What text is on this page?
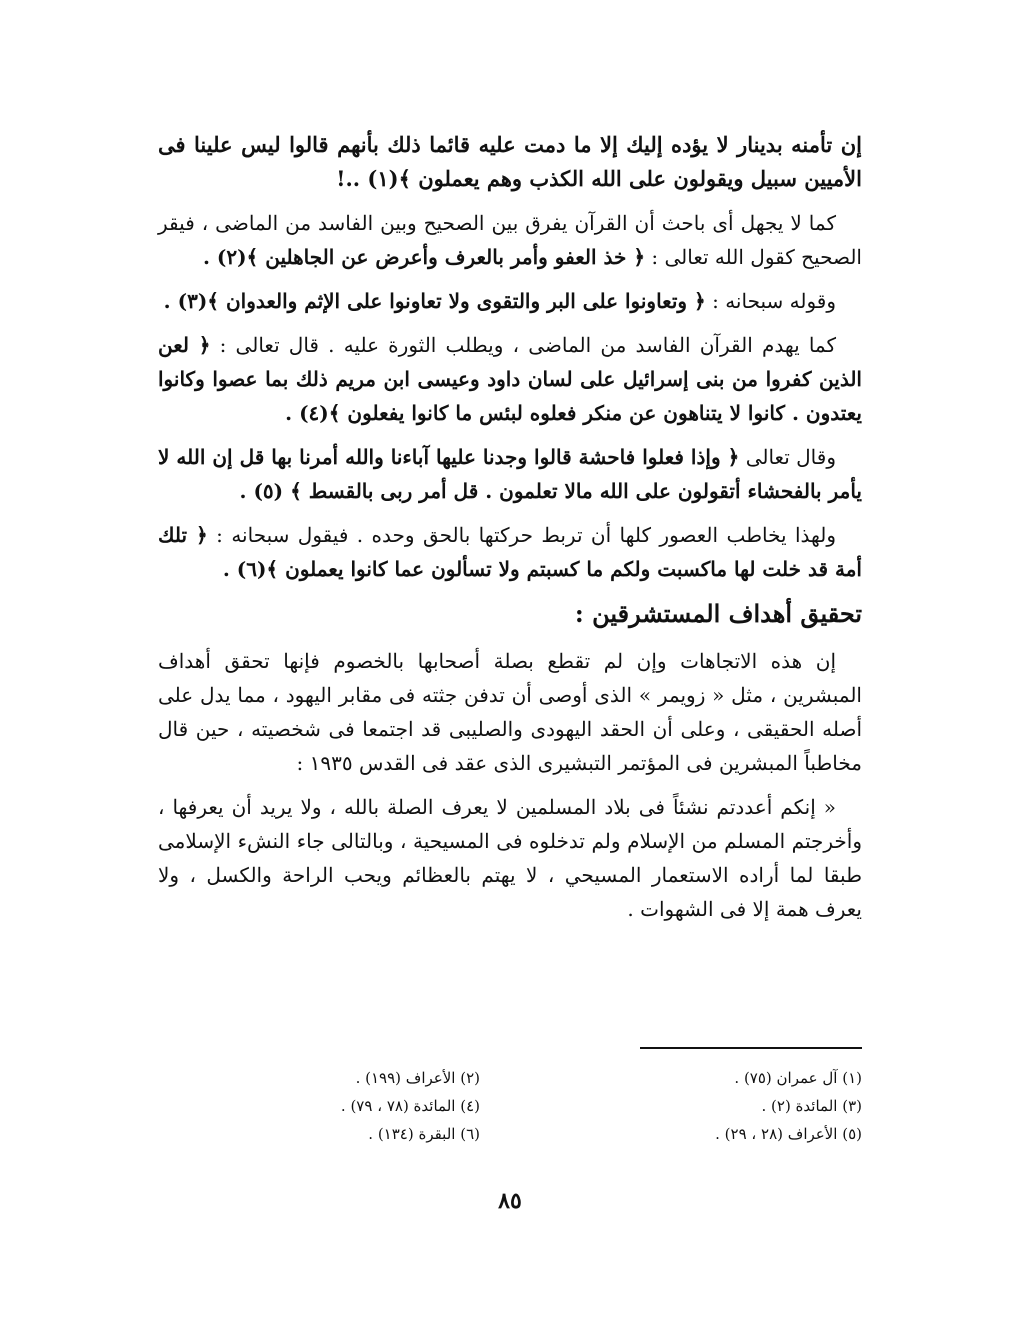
إن تأمنه بدينار لا يؤده إليك إلا ما دمت عليه قائما ذلك بأنهم قالوا ليس علينا فى الأميين سبيل ويقولون على الله الكذب وهم يعملون ﴾(١) ..!

كما لا يجهل أى باحث أن القرآن يفرق بين الصحيح وبين الفاسد من الماضى ، فيقر الصحيح كقول الله تعالى : ﴿ خذ العفو وأمر بالعرف وأعرض عن الجاهلين ﴾(٢) .

وقوله سبحانه : ﴿ وتعاونوا على البر والتقوى ولا تعاونوا على الإثم والعدوان ﴾(٣) .

كما يهدم القرآن الفاسد من الماضى ، ويطلب الثورة عليه . قال تعالى : ﴿ لعن الذين كفروا من بنى إسرائيل على لسان داود وعيسى ابن مريم ذلك بما عصوا وكانوا يعتدون . كانوا لا يتناهون عن منكر فعلوه لبئس ما كانوا يفعلون ﴾(٤) .

وقال تعالى ﴿ وإذا فعلوا فاحشة قالوا وجدنا عليها آباءنا والله أمرنا بها قل إن الله لا يأمر بالفحشاء أتقولون على الله مالا تعلمون . قل أمر ربى بالقسط ﴾ (٥) .

ولهذا يخاطب العصور كلها أن تربط حركتها بالحق وحده . فيقول سبحانه : ﴿ تلك أمة قد خلت لها ماكسبت ولكم ما كسبتم ولا تسألون عما كانوا يعملون ﴾(٦) .

تحقيق أهداف المستشرقين :

إن هذه الاتجاهات وإن لم تقطع بصلة أصحابها بالخصوم فإنها تحقق أهداف المبشرين ، مثل « زويمر » الذى أوصى أن تدفن جثته فى مقابر اليهود ، مما يدل على أصله الحقيقى ، وعلى أن الحقد اليهودى والصليبى قد اجتمعا فى شخصيته ، حين قال مخاطباً المبشرين فى المؤتمر التبشيرى الذى عقد فى القدس ١٩٣٥ :

« إنكم أعددتم نشئاً فى بلاد المسلمين لا يعرف الصلة بالله ، ولا يريد أن يعرفها ، وأخرجتم المسلم من الإسلام ولم تدخلوه فى المسيحية ، وبالتالى جاء النشء الإسلامى طبقا لما أراده الاستعمار المسيحي ، لا يهتم بالعظائم ويحب الراحة والكسل ، ولا يعرف همة إلا فى الشهوات .

(١) آل عمران (٧٥) .
(٢) الأعراف (١٩٩) .
(٣) المائدة (٢) .
(٤) المائدة (٧٨ ، ٧٩) .
(٥) الأعراف (٢٨ ، ٢٩) .
(٦) البقرة (١٣٤) .
٨٥
